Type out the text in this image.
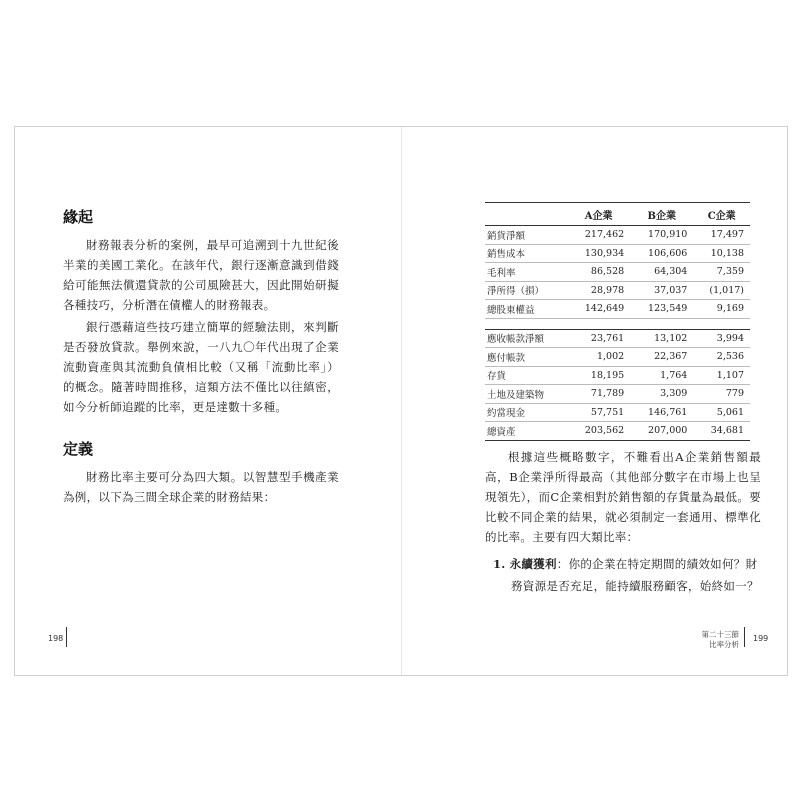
緣起

財務報表分析的案例，最早可追溯到十九世紀後半業的美國工業化。在該年代，銀行逐漸意識到借錢給可能無法償還貸款的公司風險甚大，因此開始研擬各種技巧，分析潛在債權人的財務報表。

銀行憑藉這些技巧建立簡單的經驗法則，來判斷是否發放貸款。舉例來說，一八九〇年代出現了企業流動資產與其流動負債相比較（又稱「流動比率」）的概念。隨著時間推移，這類方法不僅比以往縝密，如今分析師追蹤的比率，更是達數十多種。

定義

財務比率主要可分為四大類。以智慧型手機產業為例，以下為三間全球企業的財務結果：

198
	A企業	B企業	C企業
銷貨淨額	217,462	170,910	17,497
銷售成本	130,934	106,606	10,138
毛利率	86,528	64,304	7,359
淨所得（損）	28,978	37,037	(1,017)
總股東權益	142,649	123,549	9,169

應收帳款淨額	23,761	13,102	3,994
應付帳款	1,002	22,367	2,536
存貨	18,195	1,764	1,107
土地及建築物	71,789	3,309	779
約當現金	57,751	146,761	5,061
總資產	203,562	207,000	34,681

根據這些概略數字，不難看出A企業銷售額最高，B企業淨所得最高（其他部分數字在市場上也呈現領先），而C企業相對於銷售額的存貨量為最低。要比較不同企業的結果，就必須制定一套通用、標準化的比率。主要有四大類比率：

1. 永續獲利：你的企業在特定期間的績效如何？財務資源是否充足，能持續服務顧客，始終如一？
第二十三節
比率分析
199
